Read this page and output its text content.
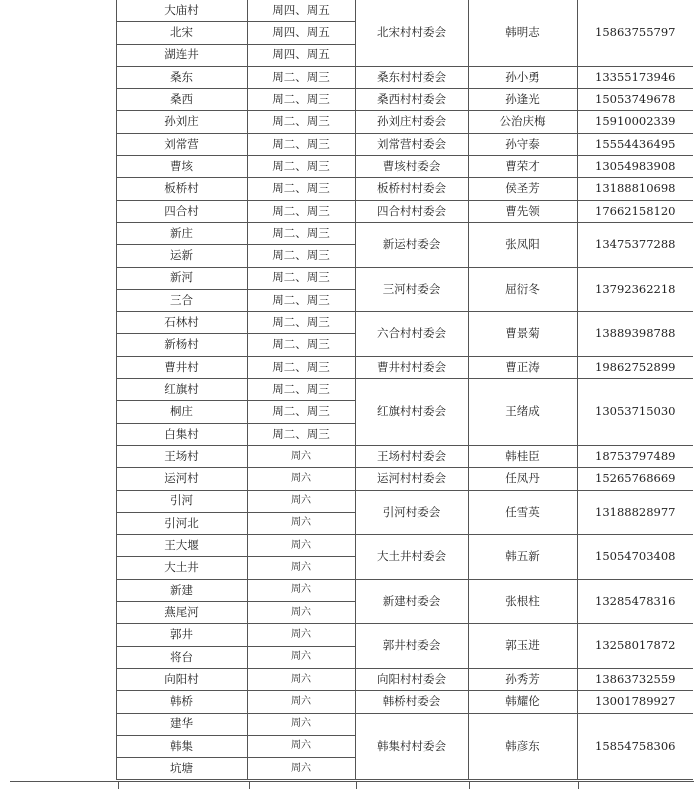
	大庙村	周四、周五	北宋村村委会	韩明志	15863755797
	北宋	周四、周五			
	湖连井	周四、周五			
	桑东	周二、周三	桑东村村委会	孙小勇	13355173946
	桑西	周二、周三	桑西村村委会	孙逢光	15053749678
	孙刘庄	周二、周三	孙刘庄村委会	公治庆梅	15910002339
	刘常营	周二、周三	刘常营村委会	孙守泰	15554436495
	曹垓	周二、周三	曹垓村委会	曹荣才	13054983908
	板桥村	周二、周三	板桥村村委会	侯圣芳	13188810698
	四合村	周二、周三	四合村村委会	曹先领	17662158120
	新庄	周二、周三	新运村委会	张凤阳	13475377288
	运新	周二、周三			
	新河	周二、周三	三河村委会	屈衍冬	13792362218
	三合	周二、周三			
	石林村	周二、周三	六合村村委会	曹景菊	13889398788
	新杨村	周二、周三			
	曹井村	周二、周三	曹井村村委会	曹正涛	19862752899
	红旗村	周二、周三	红旗村村委会	王绪成	13053715030
	桐庄	周二、周三			
	白集村	周二、周三			
	王场村	周六	王场村村委会	韩桂臣	18753797489
	运河村	周六	运河村村委会	任凤丹	15265768669
	引河	周六	引河村委会	任雪英	13188828977
	引河北	周六			
	王大堰	周六	大土井村委会	韩五新	15054703408
	大土井	周六			
	新建	周六	新建村委会	张根柱	13285478316
	燕尾河	周六			
	郭井	周六	郭井村委会	郭玉进	13258017872
	将台	周六			
	向阳村	周六	向阳村村委会	孙秀芳	13863732559
	韩桥	周六	韩桥村委会	韩耀伦	13001789927
	建华	周六	韩集村村委会	韩彦东	15854758306
	韩集	周六			
	坑塘	周六			
